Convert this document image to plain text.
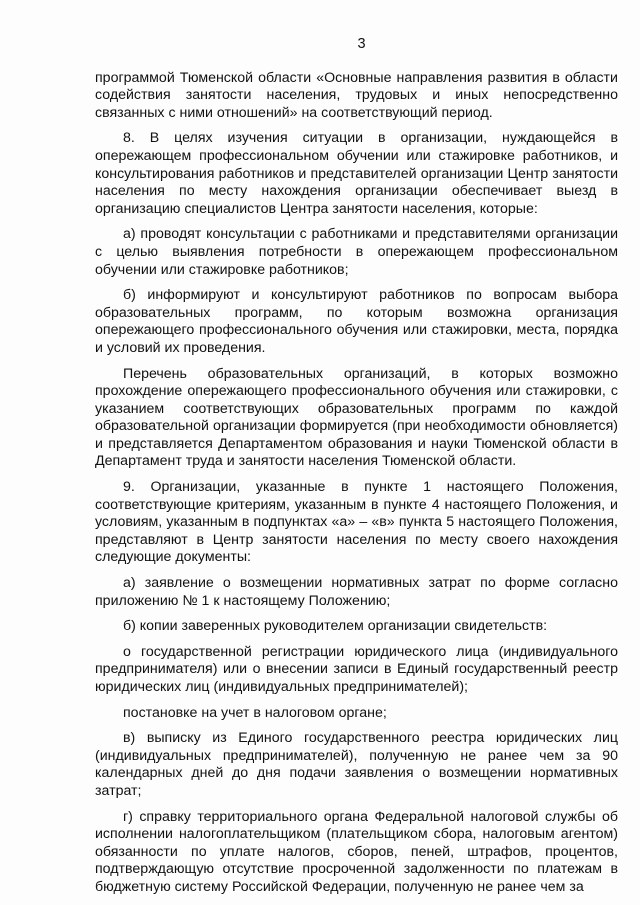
3

программой Тюменской области «Основные направления развития в области содействия занятости населения, трудовых и иных непосредственно связанных с ними отношений» на соответствующий период.

8. В целях изучения ситуации в организации, нуждающейся в опережающем профессиональном обучении или стажировке работников, и консультирования работников и представителей организации Центр занятости населения по месту нахождения организации обеспечивает выезд в организацию специалистов Центра занятости населения, которые:

а) проводят консультации с работниками и представителями организации с целью выявления потребности в опережающем профессиональном обучении или стажировке работников;

б) информируют и консультируют работников по вопросам выбора образовательных программ, по которым возможна организация опережающего профессионального обучения или стажировки, места, порядка и условий их проведения.

Перечень образовательных организаций, в которых возможно прохождение опережающего профессионального обучения или стажировки, с указанием соответствующих образовательных программ по каждой образовательной организации формируется (при необходимости обновляется) и представляется Департаментом образования и науки Тюменской области в Департамент труда и занятости населения Тюменской области.

9. Организации, указанные в пункте 1 настоящего Положения, соответствующие критериям, указанным в пункте 4 настоящего Положения, и условиям, указанным в подпунктах «а» – «в» пункта 5 настоящего Положения, представляют в Центр занятости населения по месту своего нахождения следующие документы:

а) заявление о возмещении нормативных затрат по форме согласно приложению № 1 к настоящему Положению;

б) копии заверенных руководителем организации свидетельств:

о государственной регистрации юридического лица (индивидуального предпринимателя) или о внесении записи в Единый государственный реестр юридических лиц (индивидуальных предпринимателей);

постановке на учет в налоговом органе;

в) выписку из Единого государственного реестра юридических лиц (индивидуальных предпринимателей), полученную не ранее чем за 90 календарных дней до дня подачи заявления о возмещении нормативных затрат;

г) справку территориального органа Федеральной налоговой службы об исполнении налогоплательщиком (плательщиком сбора, налоговым агентом) обязанности по уплате налогов, сборов, пеней, штрафов, процентов, подтверждающую отсутствие просроченной задолженности по платежам в бюджетную систему Российской Федерации, полученную не ранее чем за
